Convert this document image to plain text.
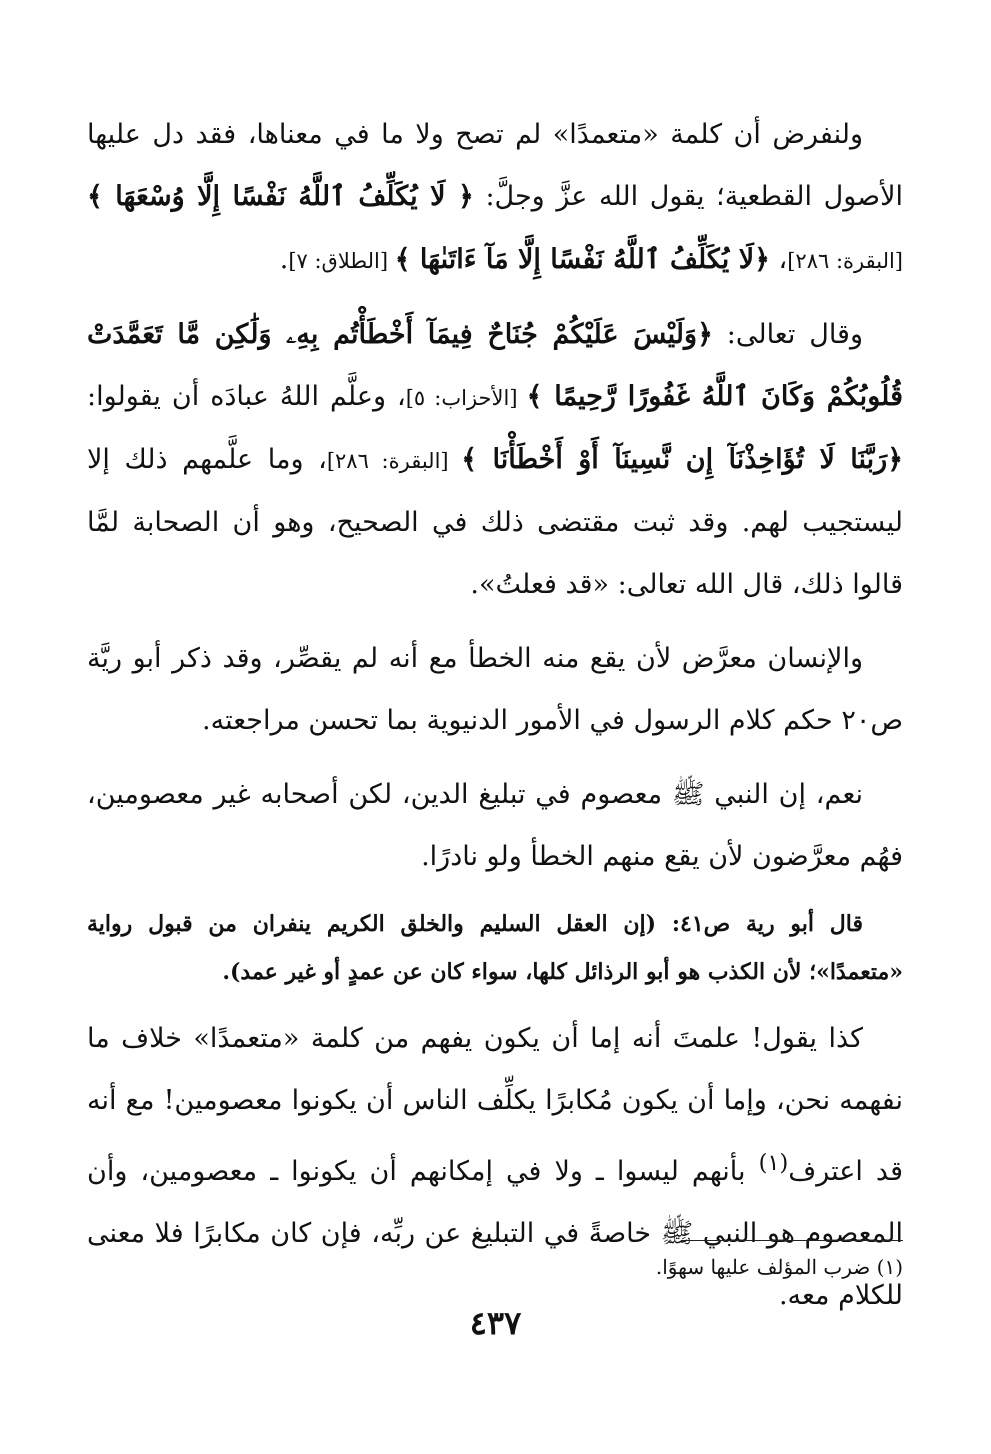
ولنفرض أن كلمة «متعمدًا» لم تصح ولا ما في معناها، فقد دل عليها الأصول القطعية؛ يقول الله عزَّ وجلَّ: ﴿ لَا يُكَلِّفُ ٱللَّهُ نَفْسًا إِلَّا وُسْعَهَا ﴾ [البقرة: ٢٨٦]، ﴿لَا يُكَلِّفُ ٱللَّهُ نَفْسًا إِلَّا مَآ ءَاتَىٰهَا ﴾ [الطلاق: ٧].

وقال تعالى: ﴿وَلَيْسَ عَلَيْكُمْ جُنَاحٌ فِيمَآ أَخْطَأْتُم بِهِۦ وَلَٰكِن مَّا تَعَمَّدَتْ قُلُوبُكُمْ وَكَانَ ٱللَّهُ غَفُورًا رَّحِيمًا ﴾ [الأحزاب: ٥]، وعلَّم اللهُ عبادَه أن يقولوا: ﴿رَبَّنَا لَا تُؤَاخِذْنَآ إِن نَّسِينَآ أَوْ أَخْطَأْنَا ﴾ [البقرة: ٢٨٦]، وما علَّمهم ذلك إلا ليستجيب لهم. وقد ثبت مقتضى ذلك في الصحيح، وهو أن الصحابة لمَّا قالوا ذلك، قال الله تعالى: «قد فعلتُ».

والإنسان معرَّض لأن يقع منه الخطأ مع أنه لم يقصِّر، وقد ذكر أبو ريَّة ص٢٠ حكم كلام الرسول في الأمور الدنيوية بما تحسن مراجعته.

نعم، إن النبي ﷺ معصوم في تبليغ الدين، لكن أصحابه غير معصومين، فهُم معرَّضون لأن يقع منهم الخطأ ولو نادرًا.

قال أبو رية ص٤١: (إن العقل السليم والخلق الكريم ينفران من قبول رواية «متعمدًا»؛ لأن الكذب هو أبو الرذائل كلها، سواء كان عن عمدٍ أو غير عمد).

كذا يقول! علمتَ أنه إما أن يكون يفهم من كلمة «متعمدًا» خلاف ما نفهمه نحن، وإما أن يكون مُكابرًا يكلِّف الناس أن يكونوا معصومين! مع أنه قد اعترف$^{(١)}$ بأنهم ليسوا ـ ولا في إمكانهم أن يكونوا ـ معصومين، وأن المعصوم هو النبي ﷺ خاصةً في التبليغ عن ربِّه، فإن كان مكابرًا فلا معنى للكلام معه.

(١) ضرب المؤلف عليها سهوًا.

٤٣٧
